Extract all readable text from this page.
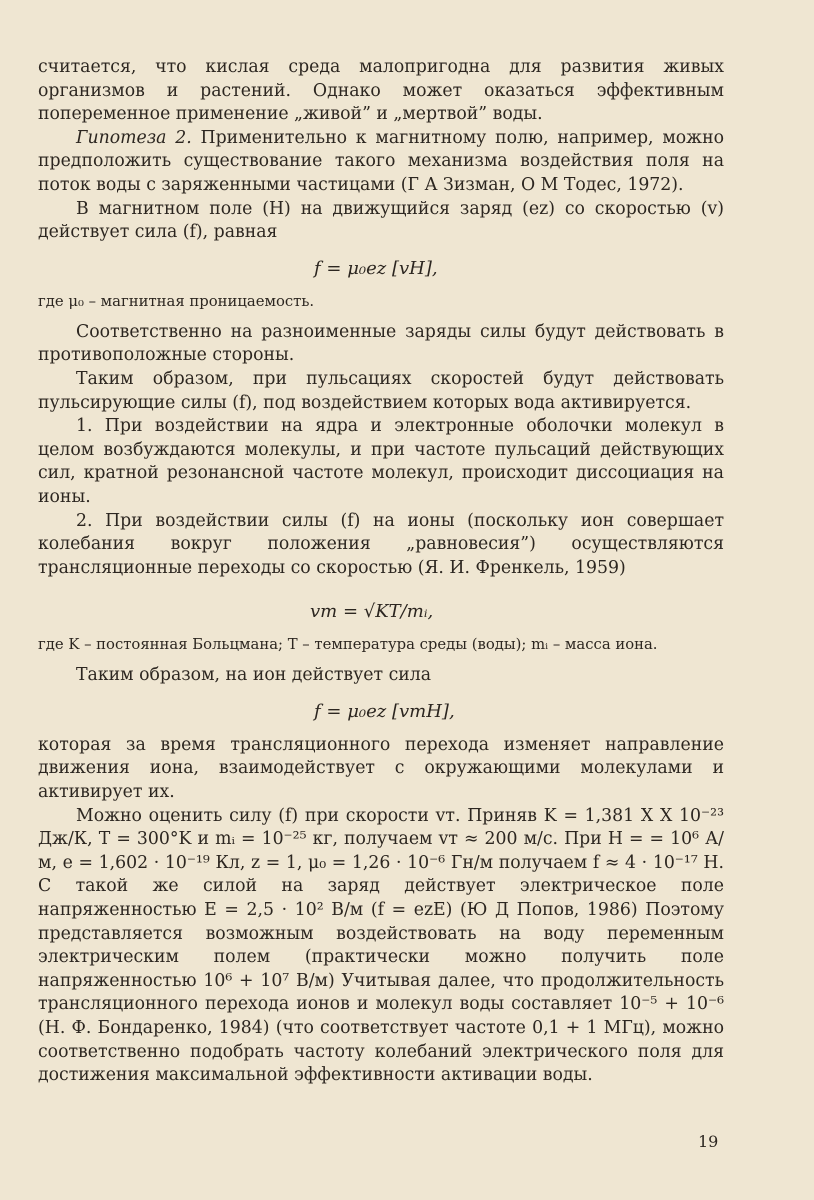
считается, что кислая среда малопригодна для развития живых организмов и растений. Однако может оказаться эффективным попеременное применение „живой” и „мертвой” воды.

Гипотеза 2. Применительно к магнитному полю, например, можно предположить существование такого механизма воздействия поля на поток воды с заряженными частицами (Г А Зизман, О М Тодес, 1972).

В магнитном поле (H) на движущийся заряд (ez) со скоростью (v) действует сила (f), равная

f = μ₀ez [vH],

где μ₀ – магнитная проницаемость.

Соответственно на разноименные заряды силы будут действовать в противоположные стороны.

Таким образом, при пульсациях скоростей будут действовать пульсирующие силы (f), под воздействием которых вода активируется.

1. При воздействии на ядра и электронные оболочки молекул в целом возбуждаются молекулы, и при частоте пульсаций действующих сил, кратной резонансной частоте молекул, происходит диссоциация на ионы.

2. При воздействии силы (f) на ионы (поскольку ион совершает колебания вокруг положения „равновесия”) осуществляются трансляционные переходы со скоростью (Я. И. Френкель, 1959)

vт = √KT/mᵢ,

где K – постоянная Больцмана; T – температура среды (воды); mᵢ – масса иона.

Таким образом, на ион действует сила

f = μ₀ez [vтH],

которая за время трансляционного перехода изменяет направление движения иона, взаимодействует с окружающими молекулами и активирует их.

Можно оценить силу (f) при скорости vт. Приняв K = 1,381 X X 10⁻²³ Дж/К, T = 300°K и mᵢ = 10⁻²⁵ кг, получаем vт ≈ 200 м/с. При H = = 10⁶ А/м, e = 1,602 · 10⁻¹⁹ Кл, z = 1, μ₀ = 1,26 · 10⁻⁶ Гн/м получаем f ≈ 4 · 10⁻¹⁷ Н. С такой же силой на заряд действует электрическое поле напряженностью E = 2,5 · 10² В/м (f = ezE) (Ю Д Попов, 1986) Поэтому представляется возможным воздействовать на воду переменным электрическим полем (практически можно получить поле напряженностью 10⁶ + 10⁷ В/м) Учитывая далее, что продолжительность трансляционного перехода ионов и молекул воды составляет 10⁻⁵ + 10⁻⁶ (Н. Ф. Бондаренко, 1984) (что соответствует частоте 0,1 + 1 МГц), можно соответственно подобрать частоту колебаний электрического поля для достижения максимальной эффективности активации воды.

19
